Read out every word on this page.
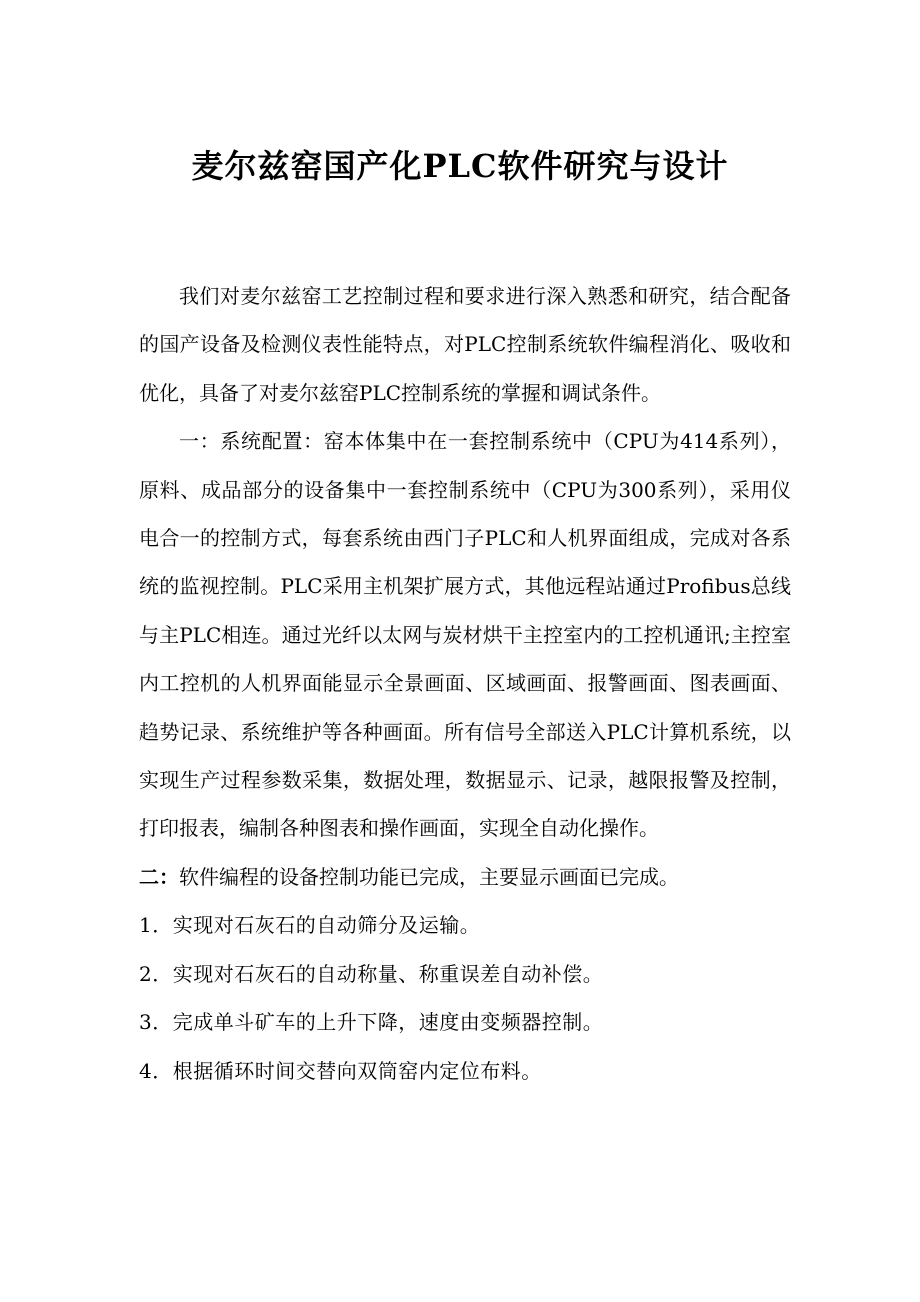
麦尔兹窑国产化PLC软件研究与设计

我们对麦尔兹窑工艺控制过程和要求进行深入熟悉和研究，结合配备的国产设备及检测仪表性能特点，对PLC控制系统软件编程消化、吸收和优化，具备了对麦尔兹窑PLC控制系统的掌握和调试条件。

一：系统配置：窑本体集中在一套控制系统中（CPU为414系列），原料、成品部分的设备集中一套控制系统中（CPU为300系列），采用仪电合一的控制方式，每套系统由西门子PLC和人机界面组成，完成对各系统的监视控制。PLC采用主机架扩展方式，其他远程站通过Profibus总线与主PLC相连。通过光纤以太网与炭材烘干主控室内的工控机通讯;主控室内工控机的人机界面能显示全景画面、区域画面、报警画面、图表画面、趋势记录、系统维护等各种画面。所有信号全部送入PLC计算机系统，以实现生产过程参数采集，数据处理，数据显示、记录，越限报警及控制，打印报表，编制各种图表和操作画面，实现全自动化操作。

二：软件编程的设备控制功能已完成，主要显示画面已完成。

1．实现对石灰石的自动筛分及运输。

2．实现对石灰石的自动称量、称重误差自动补偿。

3．完成单斗矿车的上升下降，速度由变频器控制。

4．根据循环时间交替向双筒窑内定位布料。
